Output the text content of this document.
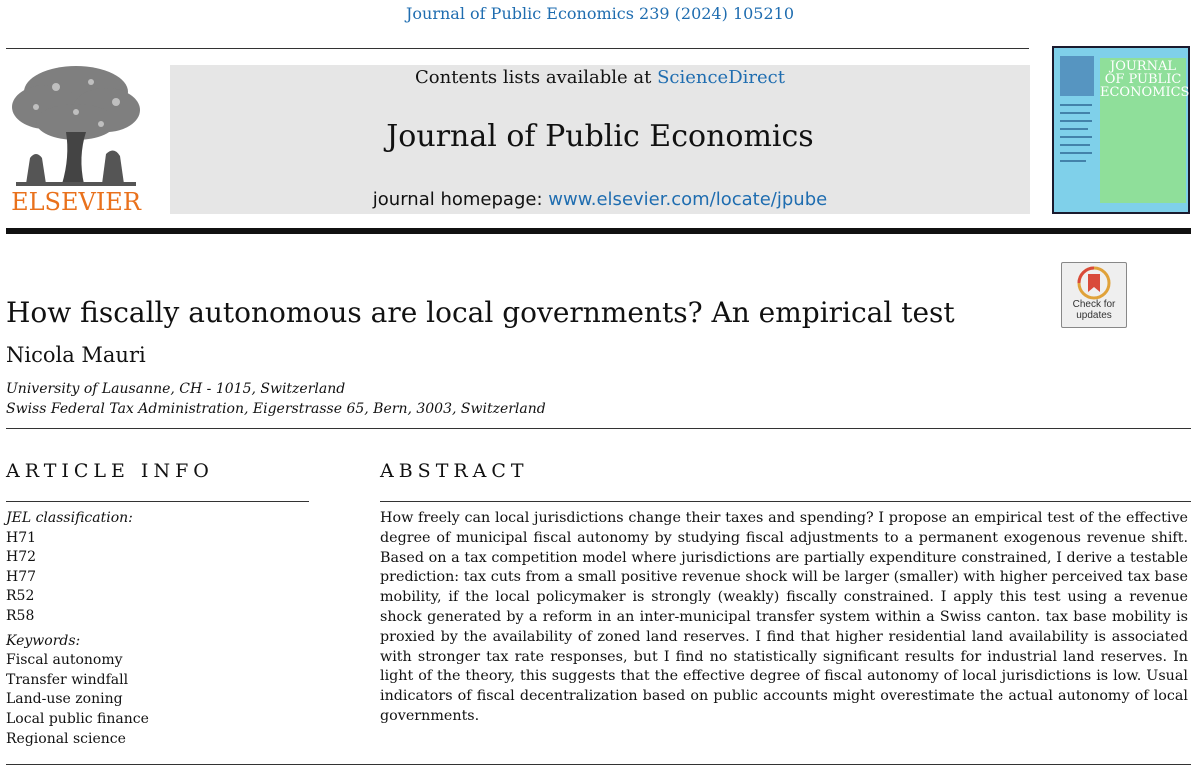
Journal of Public Economics 239 (2024) 105210
ELSEVIER
Contents lists available at ScienceDirect
Journal of Public Economics
journal homepage: www.elsevier.com/locate/jpube
JOURNAL OF PUBLIC ECONOMICS
Check for updates
How fiscally autonomous are local governments? An empirical test
Nicola Mauri
University of Lausanne, CH - 1015, Switzerland
Swiss Federal Tax Administration, Eigerstrasse 65, Bern, 3003, Switzerland
ARTICLE INFO	ABSTRACT
JEL classification:
H71
H72
H77
R52
R58
Keywords:
Fiscal autonomy
Transfer windfall
Land-use zoning
Local public finance
Regional science
How freely can local jurisdictions change their taxes and spending? I propose an empirical test of the effective degree of municipal fiscal autonomy by studying fiscal adjustments to a permanent exogenous revenue shift. Based on a tax competition model where jurisdictions are partially expenditure constrained, I derive a testable prediction: tax cuts from a small positive revenue shock will be larger (smaller) with higher perceived tax base mobility, if the local policymaker is strongly (weakly) fiscally constrained. I apply this test using a revenue shock generated by a reform in an inter-municipal transfer system within a Swiss canton. tax base mobility is proxied by the availability of zoned land reserves. I find that higher residential land availability is associated with stronger tax rate responses, but I find no statistically significant results for industrial land reserves. In light of the theory, this suggests that the effective degree of fiscal autonomy of local jurisdictions is low. Usual indicators of fiscal decentralization based on public accounts might overestimate the actual autonomy of local governments.
